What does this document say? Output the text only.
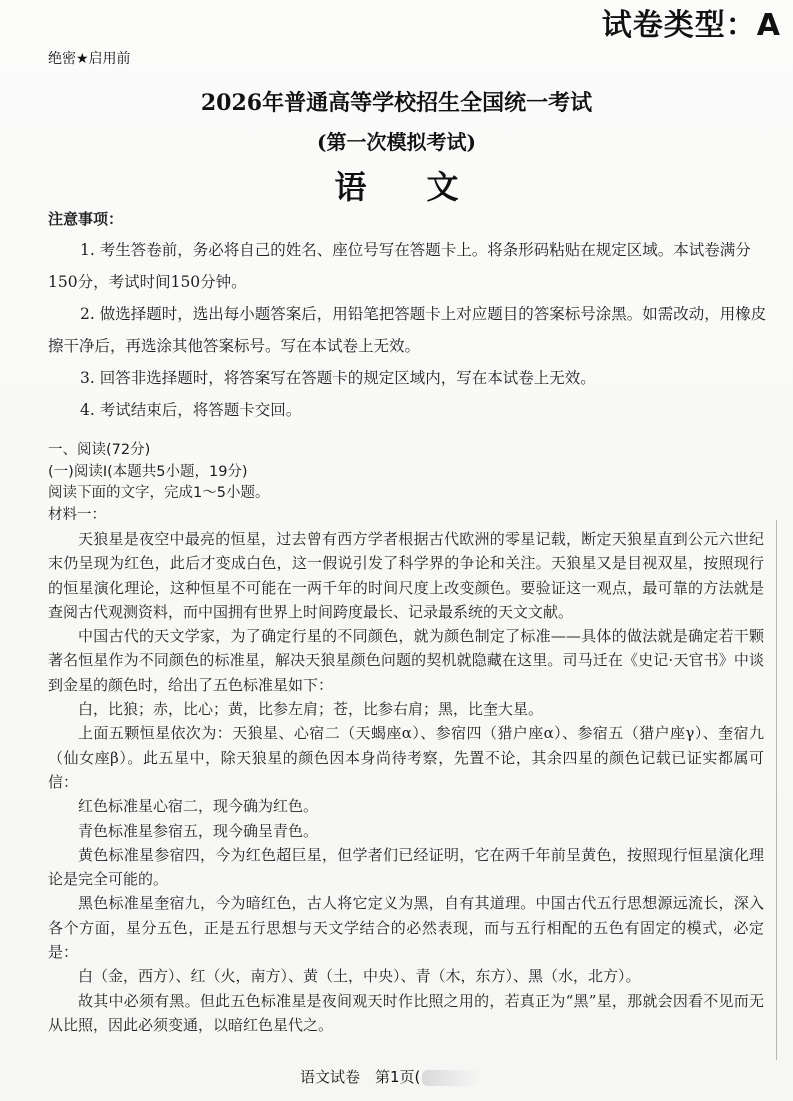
试卷类型：A
绝密★启用前
2026年普通高等学校招生全国统一考试
(第一次模拟考试)
语文
注意事项：

1. 考生答卷前，务必将自己的姓名、座位号写在答题卡上。将条形码粘贴在规定区域。本试卷满分150分，考试时间150分钟。

2. 做选择题时，选出每小题答案后，用铅笔把答题卡上对应题目的答案标号涂黑。如需改动，用橡皮擦干净后，再选涂其他答案标号。写在本试卷上无效。

3. 回答非选择题时，将答案写在答题卡的规定区域内，写在本试卷上无效。

4. 考试结束后，将答题卡交回。

一、阅读(72分)
(一)阅读Ⅰ(本题共5小题，19分)
阅读下面的文字，完成1～5小题。
材料一：

天狼星是夜空中最亮的恒星，过去曾有西方学者根据古代欧洲的零星记载，断定天狼星直到公元六世纪末仍呈现为红色，此后才变成白色，这一假说引发了科学界的争论和关注。天狼星又是目视双星，按照现行的恒星演化理论，这种恒星不可能在一两千年的时间尺度上改变颜色。要验证这一观点，最可靠的方法就是查阅古代观测资料，而中国拥有世界上时间跨度最长、记录最系统的天文文献。

中国古代的天文学家，为了确定行星的不同颜色，就为颜色制定了标准——具体的做法就是确定若干颗著名恒星作为不同颜色的标准星，解决天狼星颜色问题的契机就隐藏在这里。司马迁在《史记·天官书》中谈到金星的颜色时，给出了五色标准星如下：

白，比狼；赤，比心；黄，比参左肩；苍，比参右肩；黑，比奎大星。

上面五颗恒星依次为：天狼星、心宿二（天蝎座α）、参宿四（猎户座α）、参宿五（猎户座γ）、奎宿九（仙女座β）。此五星中，除天狼星的颜色因本身尚待考察，先置不论，其余四星的颜色记载已证实都属可信：

红色标准星心宿二，现今确为红色。

青色标准星参宿五，现今确呈青色。

黄色标准星参宿四，今为红色超巨星，但学者们已经证明，它在两千年前呈黄色，按照现行恒星演化理论是完全可能的。

黑色标准星奎宿九，今为暗红色，古人将它定义为黑，自有其道理。中国古代五行思想源远流长，深入各个方面，星分五色，正是五行思想与天文学结合的必然表现，而与五行相配的五色有固定的模式，必定是：

白（金，西方）、红（火，南方）、黄（土，中央）、青（木，东方）、黑（水，北方）。

故其中必须有黑。但此五色标准星是夜间观天时作比照之用的，若真正为“黑”星，那就会因看不见而无从比照，因此必须变通，以暗红色星代之。

语文试卷　第1页(
